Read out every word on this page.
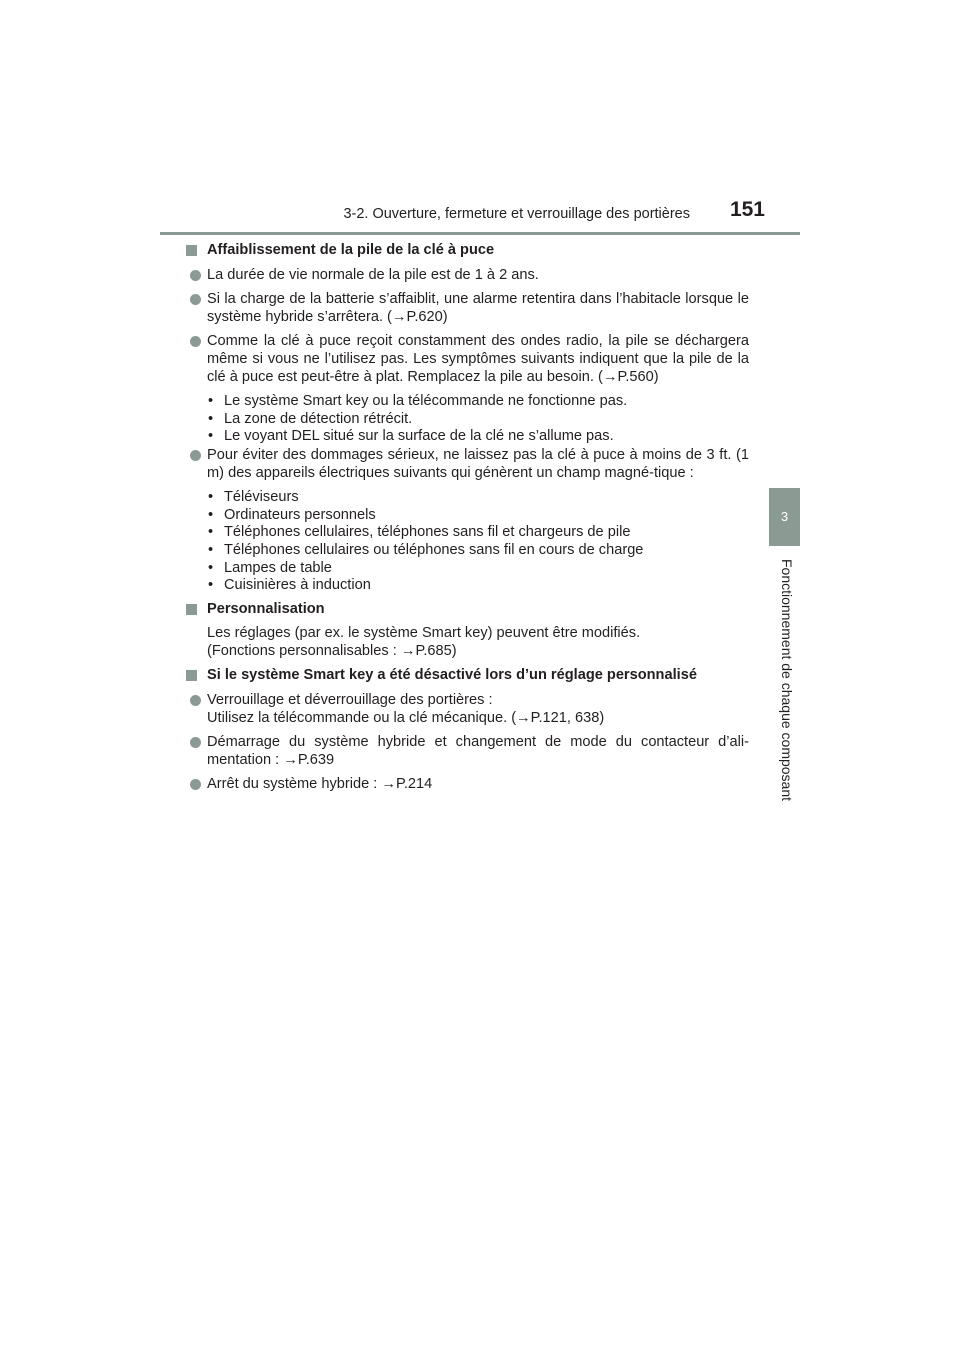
3-2. Ouverture, fermeture et verrouillage des portières	151
3
Fonctionnement de chaque composant
Affaiblissement de la pile de la clé à puce
La durée de vie normale de la pile est de 1 à 2 ans.
Si la charge de la batterie s’affaiblit, une alarme retentira dans l’habitacle lorsque le système hybride s’arrêtera. (→P.620)
Comme la clé à puce reçoit constamment des ondes radio, la pile se déchargera même si vous ne l’utilisez pas. Les symptômes suivants indiquent que la pile de la clé à puce est peut-être à plat. Remplacez la pile au besoin. (→P.560)
• Le système Smart key ou la télécommande ne fonctionne pas.
• La zone de détection rétrécit.
• Le voyant DEL situé sur la surface de la clé ne s’allume pas.
Pour éviter des dommages sérieux, ne laissez pas la clé à puce à moins de 3 ft. (1 m) des appareils électriques suivants qui génèrent un champ magné-tique :
• Téléviseurs
• Ordinateurs personnels
• Téléphones cellulaires, téléphones sans fil et chargeurs de pile
• Téléphones cellulaires ou téléphones sans fil en cours de charge
• Lampes de table
• Cuisinières à induction
Personnalisation
Les réglages (par ex. le système Smart key) peuvent être modifiés.
(Fonctions personnalisables : →P.685)
Si le système Smart key a été désactivé lors d’un réglage personnalisé
Verrouillage et déverrouillage des portières :
Utilisez la télécommande ou la clé mécanique. (→P.121, 638)
Démarrage du système hybride et changement de mode du contacteur d’ali-mentation : →P.639
Arrêt du système hybride : →P.214
